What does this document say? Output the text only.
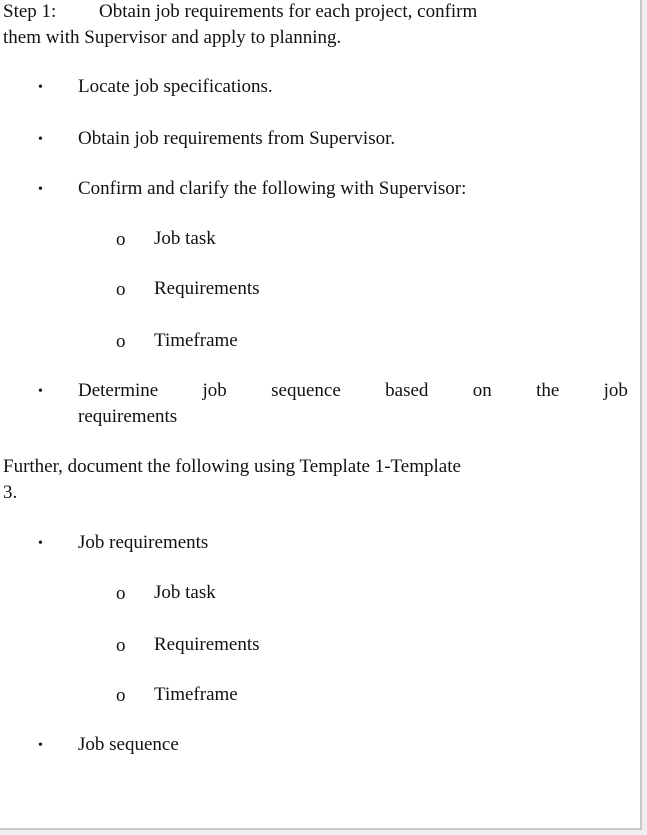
Step 1: Obtain job requirements for each project, confirm
them with Supervisor and apply to planning.
• Locate job specifications.
• Obtain job requirements from Supervisor.
• Confirm and clarify the following with Supervisor:
o Job task
o Requirements
o Timeframe
• Determine job sequence based on the job
requirements
Further, document the following using Template 1-Template
3.
• Job requirements
o Job task
o Requirements
o Timeframe
• Job sequence
